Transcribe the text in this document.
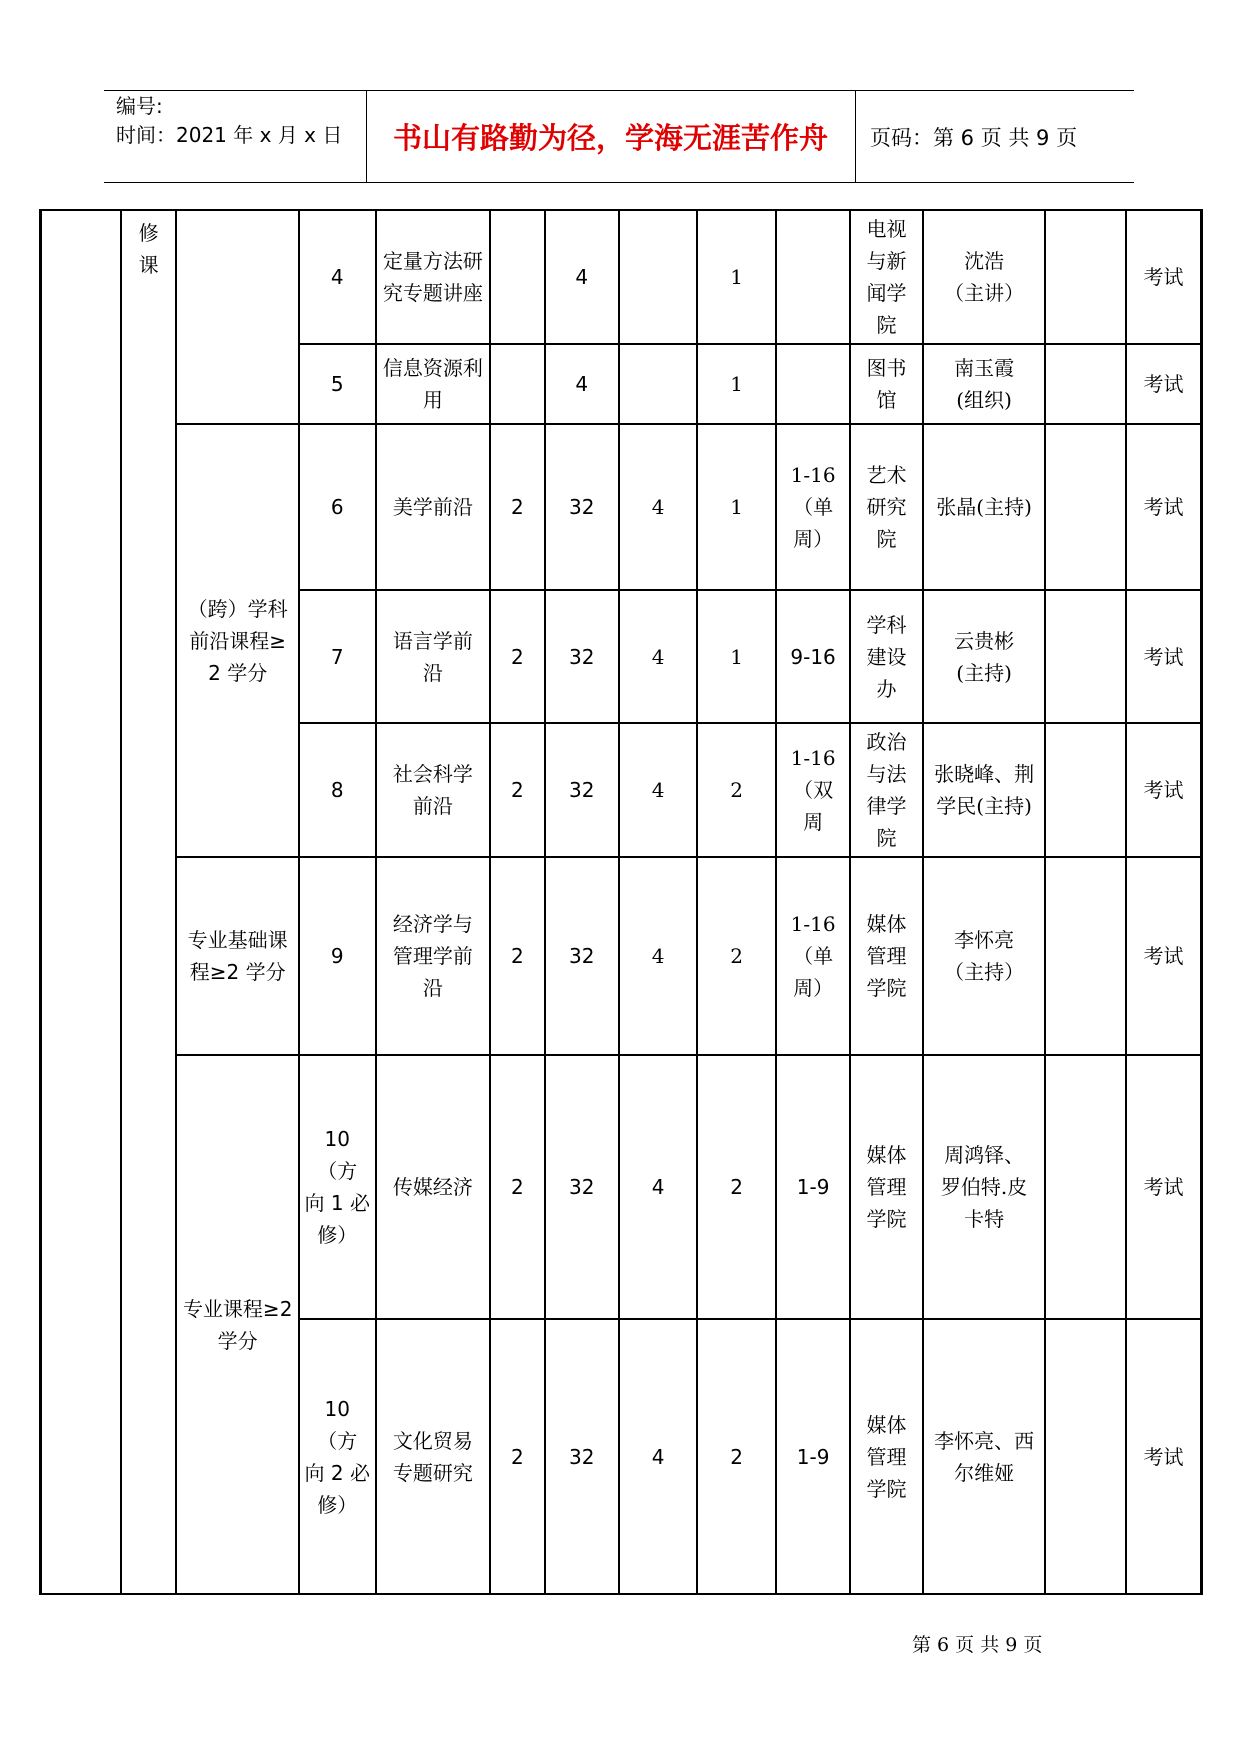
编号:
时间：2021 年 x 月 x 日	书山有路勤为径，学海无涯苦作舟	页码：第 6 页 共 9 页
	修
课		4	定量方法研
究专题讲座		4		1		电视
与新
闻学
院	沈浩
（主讲）		考试
			5	信息资源利用		4		1		图书
馆	南玉霞
(组织)		考试
		（跨）学科
前沿课程≥
2 学分	6	美学前沿	2	32	4	1	1-16
（单
周）	艺术
研究
院	张晶(主持)		考试
			7	语言学前
沿	2	32	4	1	9-16	学科
建设
办	云贵彬
(主持)		考试
			8	社会科学
前沿	2	32	4	2	1-16
（双
周	政治
与法
律学
院	张晓峰、荆
学民(主持)		考试
		专业基础课
程≥2 学分	9	经济学与
管理学前
沿	2	32	4	2	1-16
（单
周）	媒体
管理
学院	李怀亮
（主持）		考试
		专业课程≥2
学分	10
（方
向 1 必
修）	传媒经济	2	32	4	2	1-9	媒体
管理
学院	周鸿铎、
罗伯特.皮
卡特		考试
			10
（方
向 2 必
修）	文化贸易
专题研究	2	32	4	2	1-9	媒体
管理
学院	李怀亮、西
尔维娅		考试
第 6 页 共 9 页
